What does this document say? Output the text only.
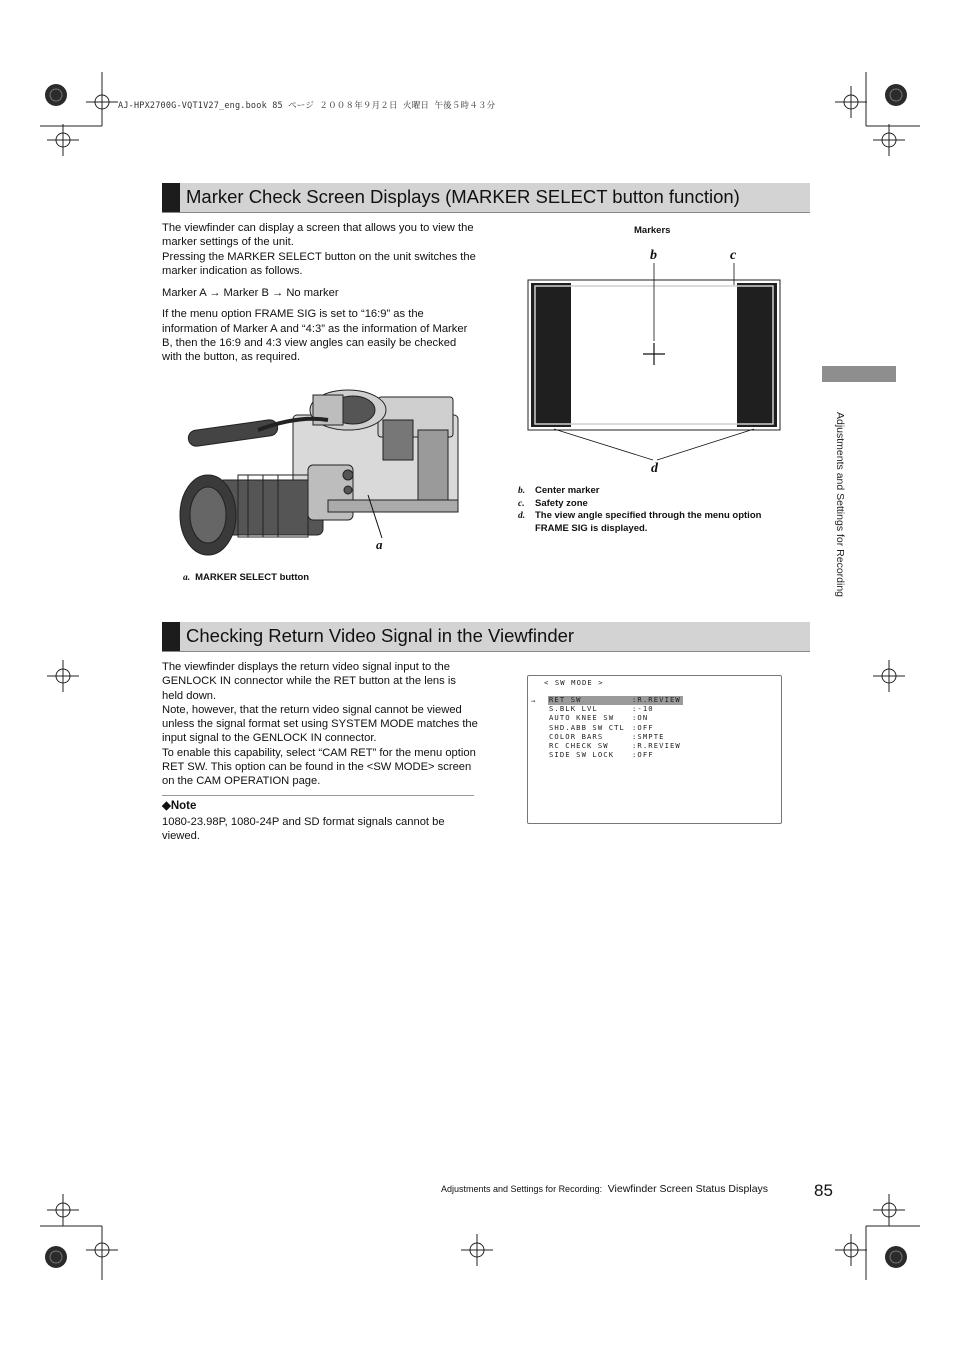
AJ-HPX2700G-VQT1V27_eng.book 85 ページ ２００８年９月２日 火曜日 午後５時４３分
Marker Check Screen Displays (MARKER SELECT button function)

The viewfinder can display a screen that allows you to view the marker settings of the unit.

Pressing the MARKER SELECT button on the unit switches the marker indication as follows.

Marker A → Marker B → No marker

If the menu option FRAME SIG is set to “16:9” as the information of Marker A and “4:3” as the information of Marker B, then the 16:9 and 4:3 view angles can easily be checked with the button, as required.

a
a. MARKER SELECT button
Markers
b	c
d
b.	Center marker
c.	Safety zone
d.	The view angle specified through the menu option FRAME SIG is displayed.
Checking Return Video Signal in the Viewfinder

The viewfinder displays the return video signal input to the GENLOCK IN connector while the RET button at the lens is held down.

Note, however, that the return video signal cannot be viewed unless the signal format set using SYSTEM MODE matches the input signal to the GENLOCK IN connector.

To enable this capability, select “CAM RET” for the menu option RET SW. This option can be found in the <SW MODE> screen on the CAM OPERATION page.

◆Note
1080-23.98P, 1080-24P and SD format signals cannot be viewed.
< SW MODE >
→ RET SW	:R.REVIEW
S.BLK LVL	:-10
AUTO KNEE SW :ON
SHD.ABB SW CTL :OFF
COLOR BARS	:SMPTE
RC CHECK SW	:R.REVIEW
SIDE SW LOCK :OFF
Adjustments and Settings for Recording
Adjustments and Settings for Recording: Viewfinder Screen Status Displays	85
